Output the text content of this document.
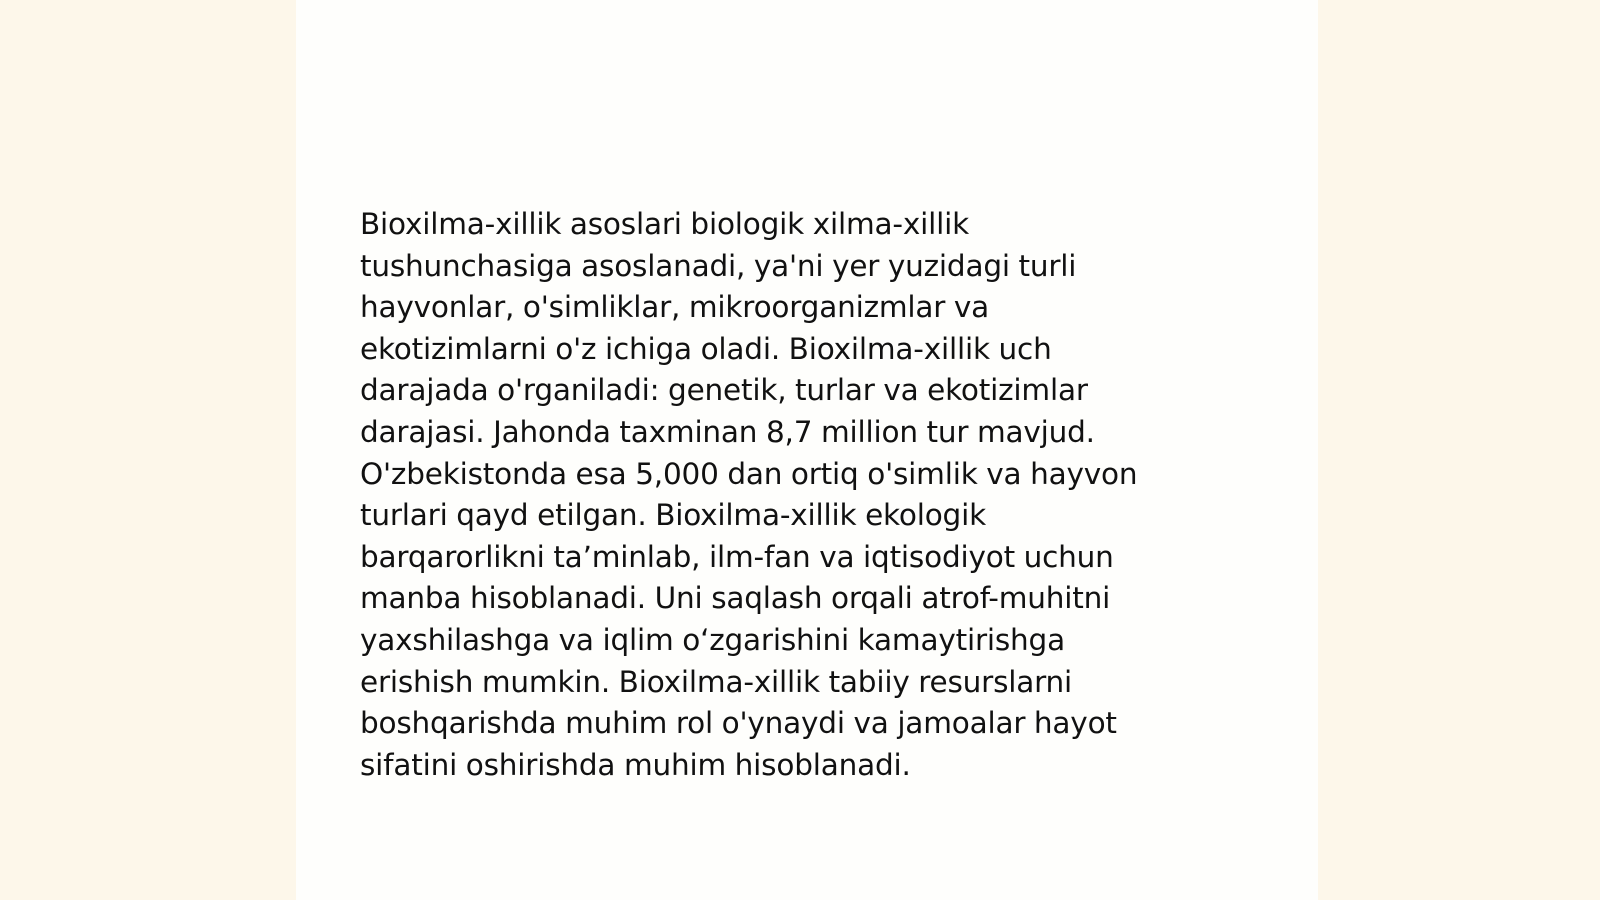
Bioxilma-xillik asoslari biologik xilma-xillik
tushunchasiga asoslanadi, ya'ni yer yuzidagi turli
hayvonlar, o'simliklar, mikroorganizmlar va
ekotizimlarni o'z ichiga oladi. Bioxilma-xillik uch
darajada o'rganiladi: genetik, turlar va ekotizimlar
darajasi. Jahonda taxminan 8,7 million tur mavjud.
O'zbekistonda esa 5,000 dan ortiq o'simlik va hayvon
turlari qayd etilgan. Bioxilma-xillik ekologik
barqarorlikni ta’minlab, ilm-fan va iqtisodiyot uchun
manba hisoblanadi. Uni saqlash orqali atrof-muhitni
yaxshilashga va iqlim o‘zgarishini kamaytirishga
erishish mumkin. Bioxilma-xillik tabiiy resurslarni
boshqarishda muhim rol o'ynaydi va jamoalar hayot
sifatini oshirishda muhim hisoblanadi.
